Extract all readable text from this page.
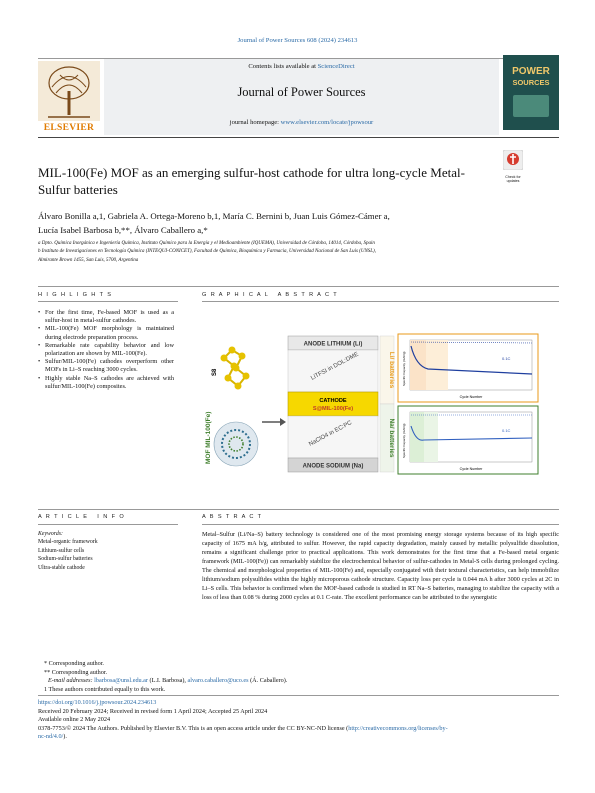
Journal of Power Sources 608 (2024) 234613
ELSEVIER
Contents lists available at ScienceDirect
Journal of Power Sources
journal homepage: www.elsevier.com/locate/jpowsour
POWER
SOURCES
MIL-100(Fe) MOF as an emerging sulfur-host cathode for ultra long-cycle Metal-Sulfur batteries
Check for updates
Álvaro Bonilla a,1, Gabriela A. Ortega-Moreno b,1, María C. Bernini b, Juan Luis Gómez-Cámer a,
Lucía Isabel Barbosa b,**, Álvaro Caballero a,*
a Dpto. Química Inorgánica e Ingeniería Química, Instituto Químico para la Energía y el Medioambiente (IQUEMA), Universidad de Córdoba, 14014, Córdoba, Spain
b Instituto de Investigaciones en Tecnología Química (INTEQUI-CONICET), Facultad de Química, Bioquímica y Farmacia, Universidad Nacional de San Luis (UNSL),
Almirante Brown 1455, San Luis, 5700, Argentina
H I G H L I G H T S	G R A P H I C A L   A B S T R A C T
• For the first time, Fe-based MOF is used as a sulfur-host in metal-sulfur cathodes.
• MIL-100(Fe) MOF morphology is maintained during electrode preparation process.
• Remarkable rate capability behavior and low polarization are shown by MIL-100(Fe).
• Sulfur/MIL-100(Fe) cathodes overperform other MOFs in Li–S reaching 3000 cycles.
• Highly stable Na–S cathodes are achieved with sulfur/MIL-100(Fe) composites.
MOF MIL-100(Fe)
S8
ANODE LITHIUM (Li)
LiTFSI in DOL:DME
CATHODE
S@MIL-100(Fe)
NaClO4 in EC:PC
ANODE SODIUM (Na)
Li/ batteries
Na/ batteries
0.1C
Cycle Number
Specific Capacity (mAh/g)
0.1C
Cycle Number
Specific Capacity (mAh/g)
A R T I C L E   I N F O	A B S T R A C T
Keywords:
Metal-organic framework
Lithium-sulfur cells
Sodium-sulfur batteries
Ultra-stable cathode
Metal–Sulfur (Li/Na–S) battery technology is considered one of the most promising energy storage systems because of its high specific capacity of 1675 mA h/g, attributed to sulfur. However, the rapid capacity degradation, mainly caused by metallic polysulfide dissolution, remains a significant challenge prior to practical applications. This work demonstrates for the first time that a Fe-based metal organic framework (MIL-100(Fe)) can remarkably stabilize the electrochemical behavior of sulfur-cathodes in Metal-S cells during prolonged cycling. The chemical and morphological properties of MIL-100(Fe) and, especially conjugated with their textural characteristics, can help immobilize lithium/sodium polysulfides within the highly microporous cathode structure. Capacity loss per cycle is 0.044 mA h after 3000 cycles at 2C in Li–S cells. This behavior is confirmed when the MOF-based cathode is studied in RT Na–S batteries, managing to stabilize the capacity with a loss of less than 0.08 % during 2000 cycles at 0.1 C-rate. The excellent performance can be attributed to the synergistic
* Corresponding author.
** Corresponding author.
E-mail addresses: lbarbosa@unsl.edu.ar (L.I. Barbosa), alvaro.caballero@uco.es (Á. Caballero).
1 These authors contributed equally to this work.
https://doi.org/10.1016/j.jpowsour.2024.234613
Received 20 February 2024; Received in revised form 1 April 2024; Accepted 25 April 2024
Available online 2 May 2024
0378-7753/© 2024 The Authors. Published by Elsevier B.V. This is an open access article under the CC BY-NC-ND license (http://creativecommons.org/licenses/by-
nc-nd/4.0/).
